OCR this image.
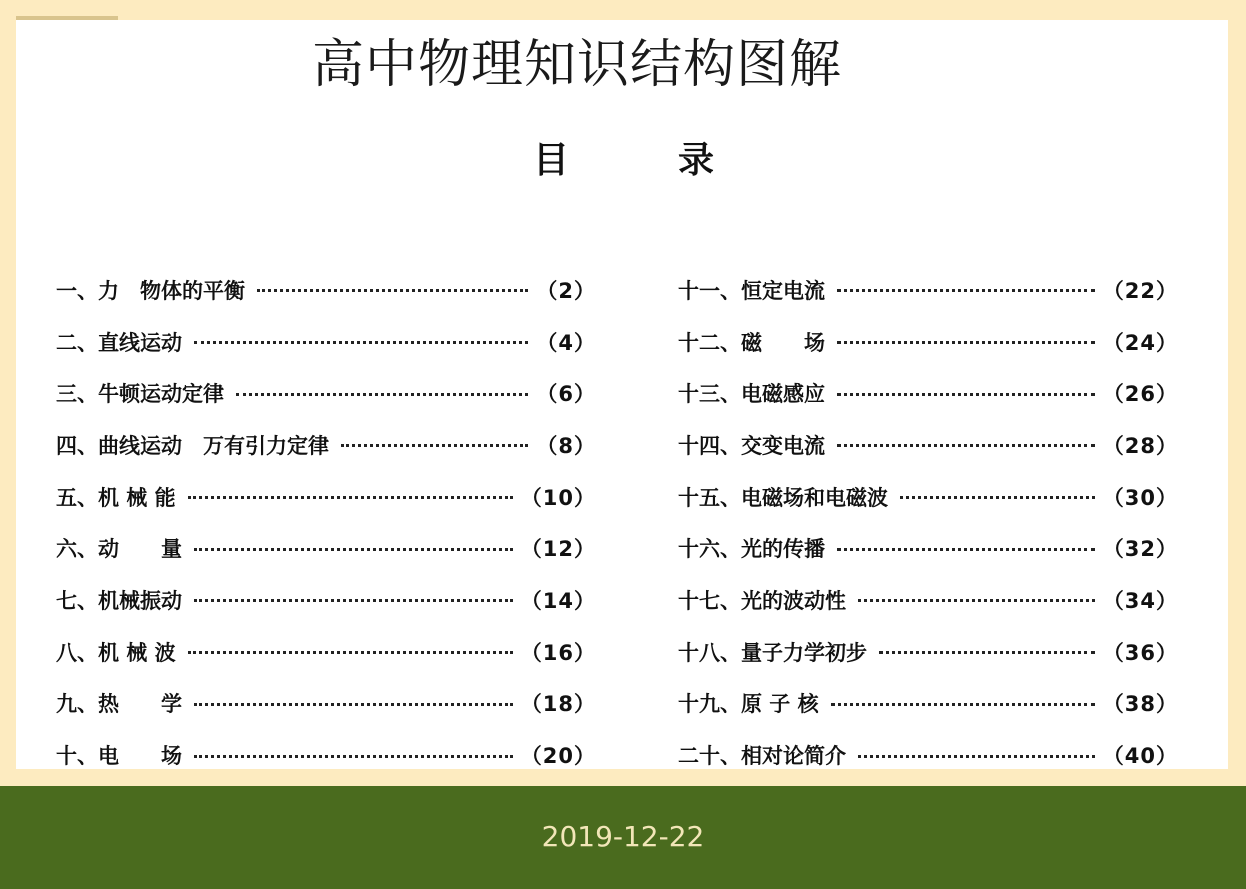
高中物理知识结构图解
目	录
一、力　物体的平衡	（2）
二、直线运动	（4）
三、牛顿运动定律	（6）
四、曲线运动　万有引力定律	（8）
五、机 械 能	（10）
六、动　　量	（12）
七、机械振动	（14）
八、机 械 波	（16）
九、热　　学	（18）
十、电　　场	（20）
十一、恒定电流	（22）
十二、磁　　场	（24）
十三、电磁感应	（26）
十四、交变电流	（28）
十五、电磁场和电磁波	（30）
十六、光的传播	（32）
十七、光的波动性	（34）
十八、量子力学初步	（36）
十九、原 子 核	（38）
二十、相对论简介	（40）
2019-12-22
